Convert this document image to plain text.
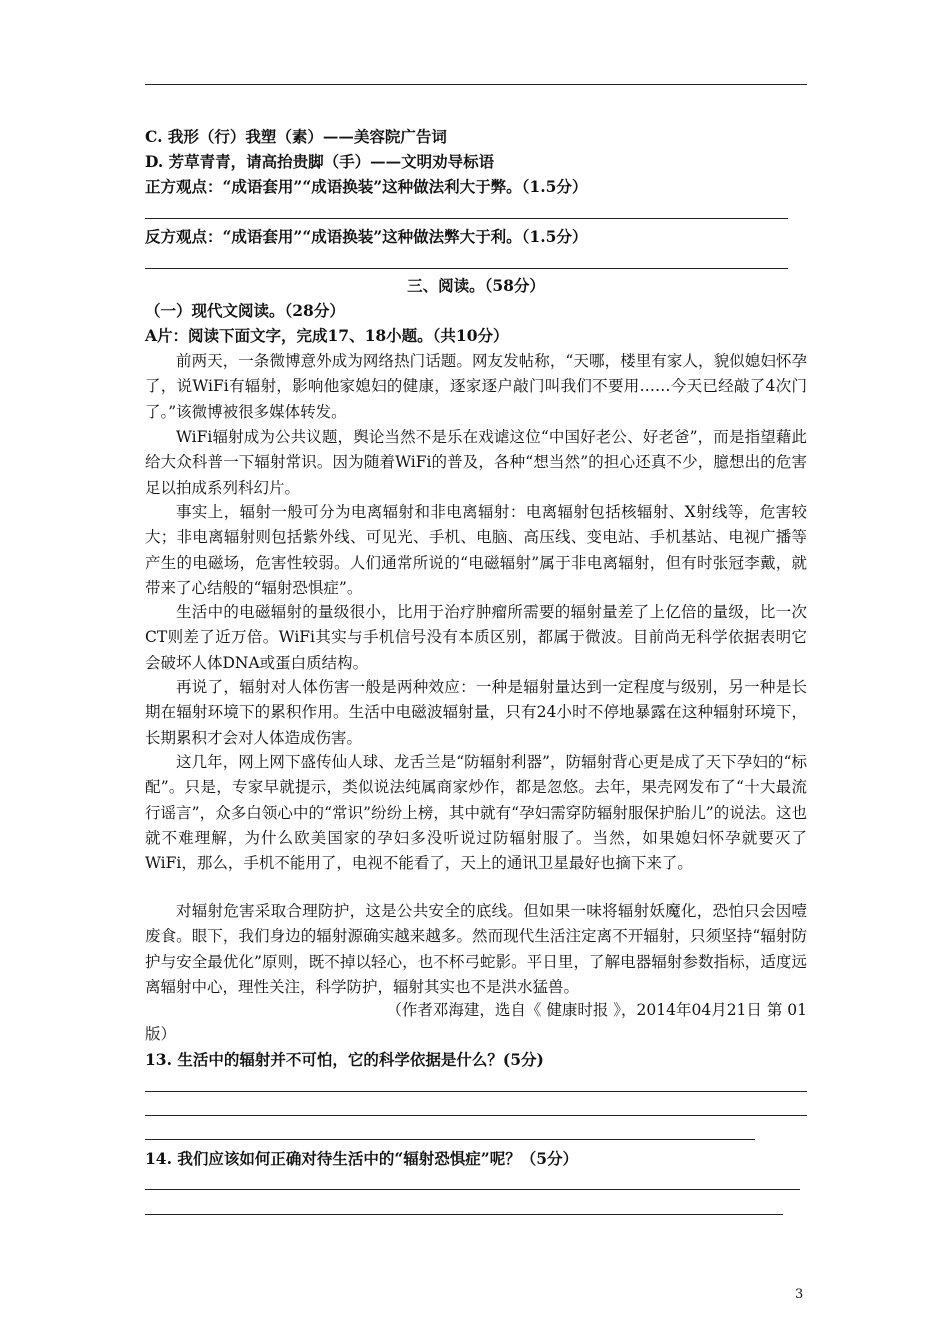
C. 我形（行）我塑（素）——美容院广告词
D. 芳草青青，请高抬贵脚（手）——文明劝导标语
正方观点：“成语套用”“成语换装”这种做法利大于弊。（1.5分）
反方观点：“成语套用”“成语换装”这种做法弊大于利。（1.5分）
三、阅读。（58分）
（一）现代文阅读。（28分）
A片：阅读下面文字，完成17、18小题。（共10分）
前两天，一条微博意外成为网络热门话题。网友发帖称，“天哪，楼里有家人，貌似媳妇怀孕了，说WiFi有辐射，影响他家媳妇的健康，逐家逐户敲门叫我们不要用……今天已经敲了4次门了。”该微博被很多媒体转发。
WiFi辐射成为公共议题，舆论当然不是乐在戏谑这位“中国好老公、好老爸”，而是指望藉此给大众科普一下辐射常识。因为随着WiFi的普及，各种“想当然”的担心还真不少，臆想出的危害足以拍成系列科幻片。
事实上，辐射一般可分为电离辐射和非电离辐射：电离辐射包括核辐射、X射线等，危害较大；非电离辐射则包括紫外线、可见光、手机、电脑、高压线、变电站、手机基站、电视广播等产生的电磁场，危害性较弱。人们通常所说的“电磁辐射”属于非电离辐射，但有时张冠李戴，就带来了心结般的“辐射恐惧症”。
生活中的电磁辐射的量级很小，比用于治疗肿瘤所需要的辐射量差了上亿倍的量级，比一次CT则差了近万倍。WiFi其实与手机信号没有本质区别，都属于微波。目前尚无科学依据表明它会破坏人体DNA或蛋白质结构。
再说了，辐射对人体伤害一般是两种效应：一种是辐射量达到一定程度与级别，另一种是长期在辐射环境下的累积作用。生活中电磁波辐射量，只有24小时不停地暴露在这种辐射环境下，长期累积才会对人体造成伤害。
这几年，网上网下盛传仙人球、龙舌兰是“防辐射利器”，防辐射背心更是成了天下孕妇的“标配”。只是，专家早就提示，类似说法纯属商家炒作，都是忽悠。去年，果壳网发布了“十大最流行谣言”，众多白领心中的“常识”纷纷上榜，其中就有“孕妇需穿防辐射服保护胎儿”的说法。这也就不难理解，为什么欧美国家的孕妇多没听说过防辐射服了。当然，如果媳妇怀孕就要灭了WiFi，那么，手机不能用了，电视不能看了，天上的通讯卫星最好也摘下来了。
对辐射危害采取合理防护，这是公共安全的底线。但如果一味将辐射妖魔化，恐怕只会因噎废食。眼下，我们身边的辐射源确实越来越多。然而现代生活注定离不开辐射，只须坚持“辐射防护与安全最优化”原则，既不掉以轻心，也不杯弓蛇影。平日里，了解电器辐射参数指标，适度远离辐射中心，理性关注，科学防护，辐射其实也不是洪水猛兽。
（作者邓海建，选自《 健康时报 》，2014年04月21日 第 01
版）
13. 生活中的辐射并不可怕，它的科学依据是什么？(5分)
14. 我们应该如何正确对待生活中的“辐射恐惧症”呢？（5分）
3
